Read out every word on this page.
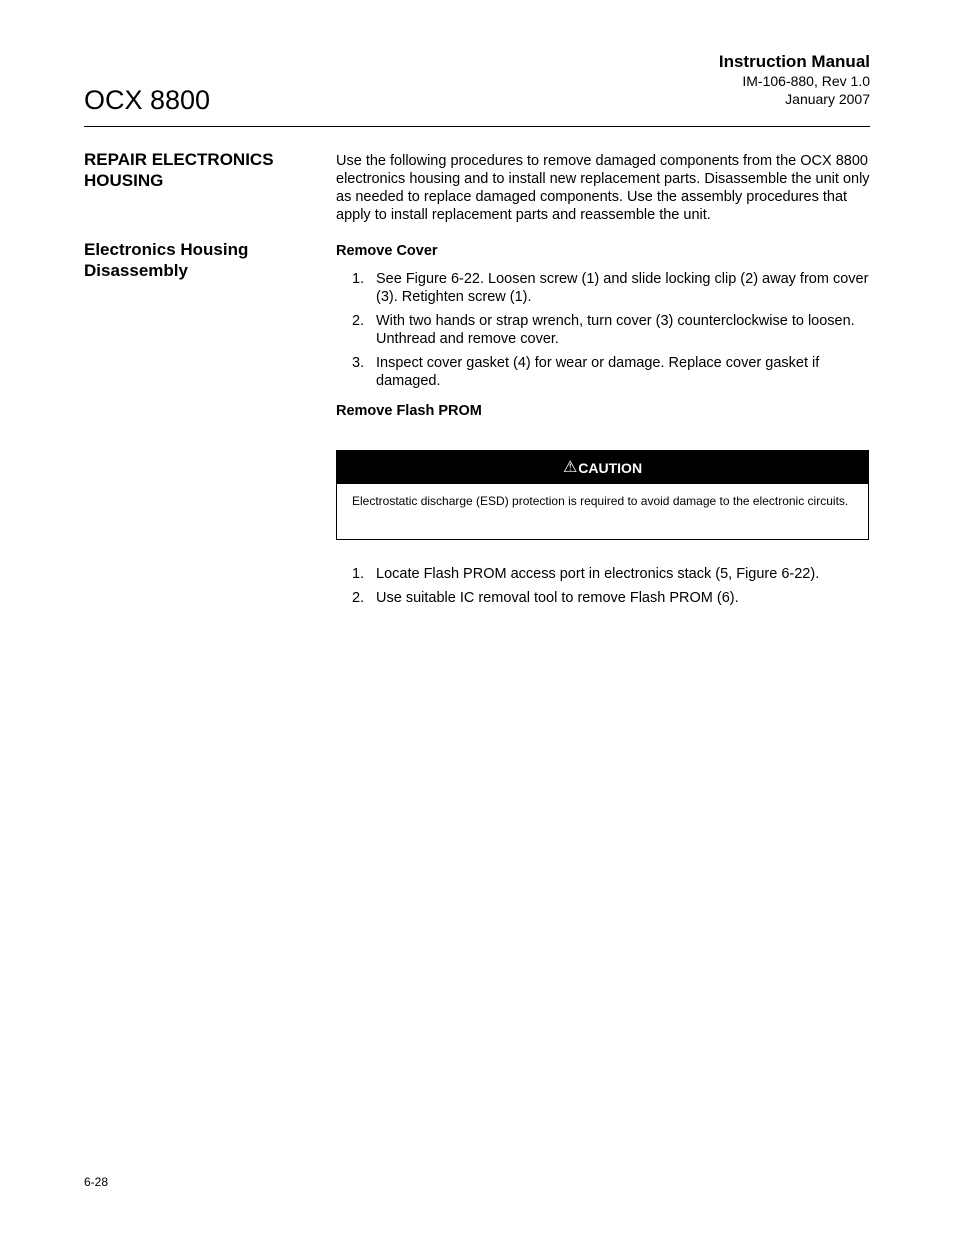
OCX 8800
Instruction Manual
IM-106-880, Rev 1.0
January 2007
REPAIR ELECTRONICS
HOUSING
Use the following procedures to remove damaged components from the OCX 8800 electronics housing and to install new replacement parts. Disassemble the unit only as needed to replace damaged components. Use the assembly procedures that apply to install replacement parts and reassemble the unit.
Electronics Housing
Disassembly
Remove Cover
1. See Figure 6-22. Loosen screw (1) and slide locking clip (2) away from cover (3). Retighten screw (1).
2. With two hands or strap wrench, turn cover (3) counterclockwise to loosen. Unthread and remove cover.
3. Inspect cover gasket (4) for wear or damage. Replace cover gasket if damaged.
Remove Flash PROM
⚠ CAUTION
Electrostatic discharge (ESD) protection is required to avoid damage to the electronic circuits.
1. Locate Flash PROM access port in electronics stack (5, Figure 6-22).
2. Use suitable IC removal tool to remove Flash PROM (6).
6-28
